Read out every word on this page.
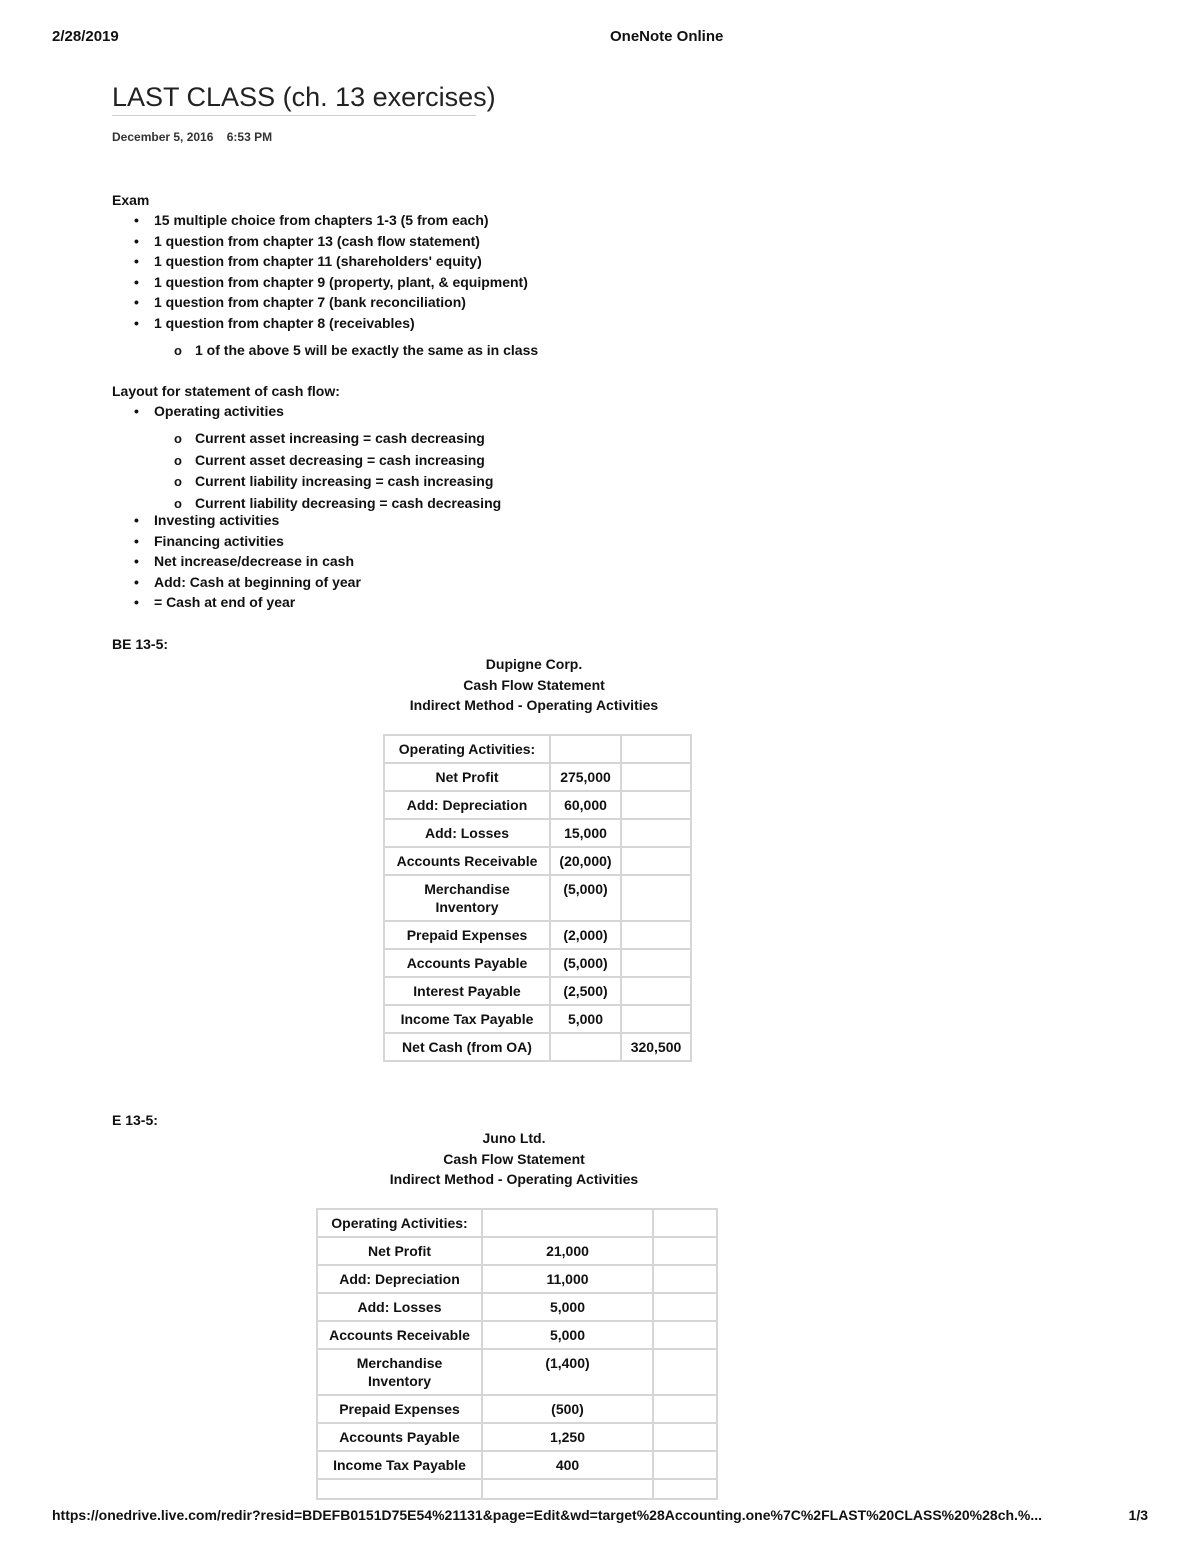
2/28/2019	OneNote Online
LAST CLASS (ch. 13 exercises)
December 5, 2016 6:53 PM
Exam
• 15 multiple choice from chapters 1-3 (5 from each)
• 1 question from chapter 13 (cash flow statement)
• 1 question from chapter 11 (shareholders' equity)
• 1 question from chapter 9 (property, plant, & equipment)
• 1 question from chapter 7 (bank reconciliation)
• 1 question from chapter 8 (receivables)
o 1 of the above 5 will be exactly the same as in class
Layout for statement of cash flow:
• Operating activities
o Current asset increasing = cash decreasing
o Current asset decreasing = cash increasing
o Current liability increasing = cash increasing
o Current liability decreasing = cash decreasing
• Investing activities
• Financing activities
• Net increase/decrease in cash
• Add: Cash at beginning of year
• = Cash at end of year
BE 13-5:
Dupigne Corp.
Cash Flow Statement
Indirect Method - Operating Activities
Operating Activities:		
Net Profit	275,000	
Add: Depreciation	60,000	
Add: Losses	15,000	
Accounts Receivable	(20,000)	
Merchandise Inventory	(5,000)	
Prepaid Expenses	(2,000)	
Accounts Payable	(5,000)	
Interest Payable	(2,500)	
Income Tax Payable	5,000	
Net Cash (from OA)		320,500
E 13-5:
Juno Ltd.
Cash Flow Statement
Indirect Method - Operating Activities
Operating Activities:		
Net Profit	21,000	
Add: Depreciation	11,000	
Add: Losses	5,000	
Accounts Receivable	5,000	
Merchandise Inventory	(1,400)	
Prepaid Expenses	(500)	
Accounts Payable	1,250	
Income Tax Payable	400	

https://onedrive.live.com/redir?resid=BDEFB0151D75E54%21131&page=Edit&wd=target%28Accounting.one%7C%2FLAST%20CLASS%20%28ch.%...	1/3
